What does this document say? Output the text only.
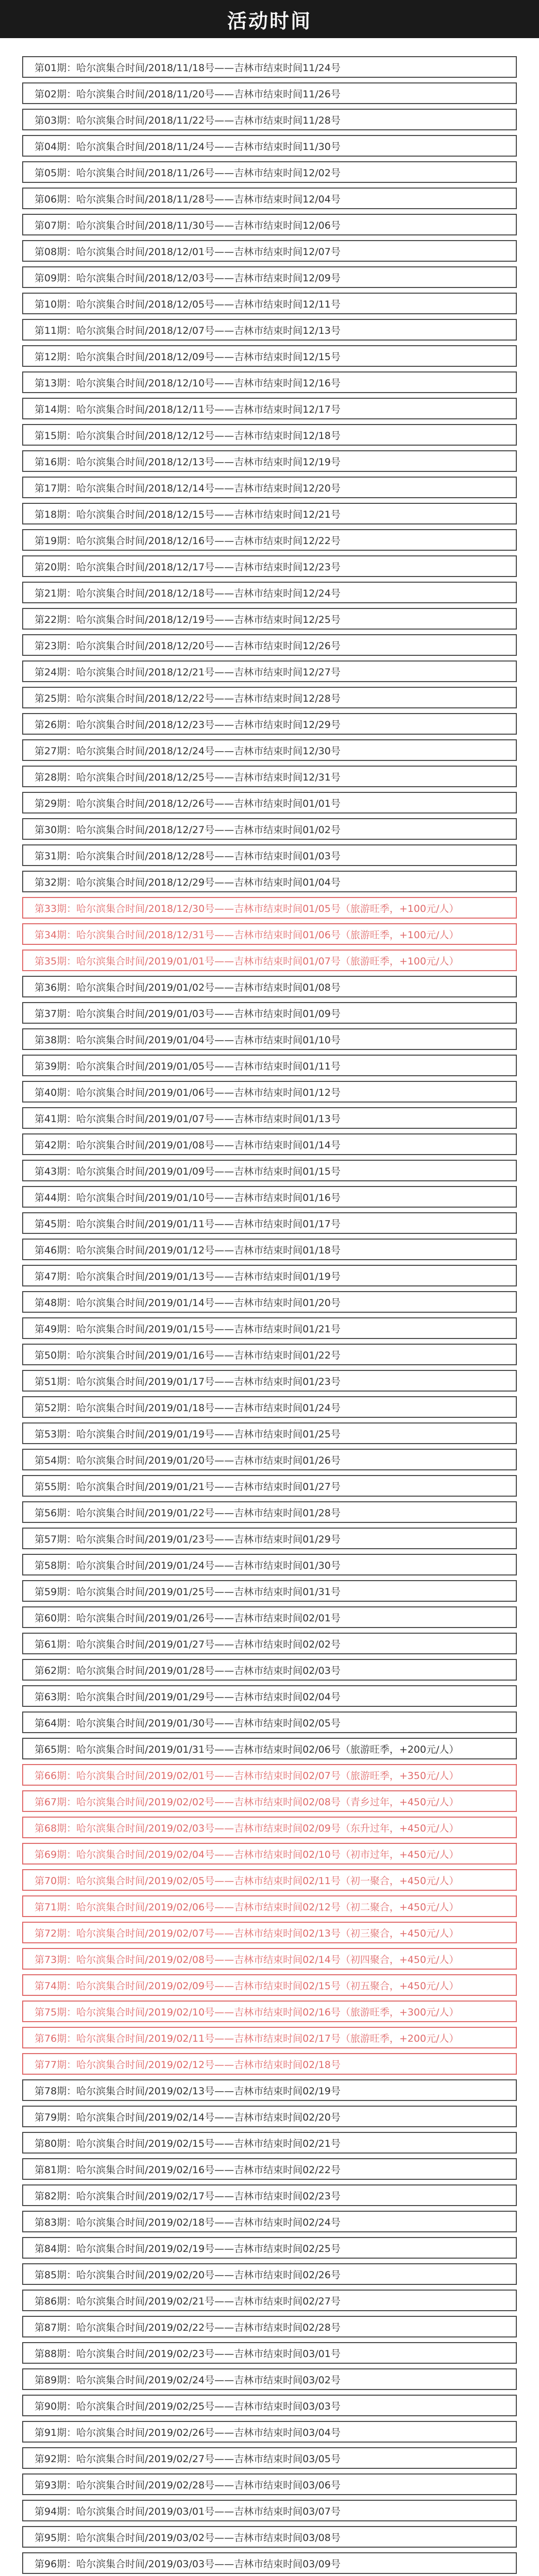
活动时间
第01期：哈尔滨集合时间/2018/11/18号——吉林市结束时间11/24号
第02期：哈尔滨集合时间/2018/11/20号——吉林市结束时间11/26号
第03期：哈尔滨集合时间/2018/11/22号——吉林市结束时间11/28号
第04期：哈尔滨集合时间/2018/11/24号——吉林市结束时间11/30号
第05期：哈尔滨集合时间/2018/11/26号——吉林市结束时间12/02号
第06期：哈尔滨集合时间/2018/11/28号——吉林市结束时间12/04号
第07期：哈尔滨集合时间/2018/11/30号——吉林市结束时间12/06号
第08期：哈尔滨集合时间/2018/12/01号——吉林市结束时间12/07号
第09期：哈尔滨集合时间/2018/12/03号——吉林市结束时间12/09号
第10期：哈尔滨集合时间/2018/12/05号——吉林市结束时间12/11号
第11期：哈尔滨集合时间/2018/12/07号——吉林市结束时间12/13号
第12期：哈尔滨集合时间/2018/12/09号——吉林市结束时间12/15号
第13期：哈尔滨集合时间/2018/12/10号——吉林市结束时间12/16号
第14期：哈尔滨集合时间/2018/12/11号——吉林市结束时间12/17号
第15期：哈尔滨集合时间/2018/12/12号——吉林市结束时间12/18号
第16期：哈尔滨集合时间/2018/12/13号——吉林市结束时间12/19号
第17期：哈尔滨集合时间/2018/12/14号——吉林市结束时间12/20号
第18期：哈尔滨集合时间/2018/12/15号——吉林市结束时间12/21号
第19期：哈尔滨集合时间/2018/12/16号——吉林市结束时间12/22号
第20期：哈尔滨集合时间/2018/12/17号——吉林市结束时间12/23号
第21期：哈尔滨集合时间/2018/12/18号——吉林市结束时间12/24号
第22期：哈尔滨集合时间/2018/12/19号——吉林市结束时间12/25号
第23期：哈尔滨集合时间/2018/12/20号——吉林市结束时间12/26号
第24期：哈尔滨集合时间/2018/12/21号——吉林市结束时间12/27号
第25期：哈尔滨集合时间/2018/12/22号——吉林市结束时间12/28号
第26期：哈尔滨集合时间/2018/12/23号——吉林市结束时间12/29号
第27期：哈尔滨集合时间/2018/12/24号——吉林市结束时间12/30号
第28期：哈尔滨集合时间/2018/12/25号——吉林市结束时间12/31号
第29期：哈尔滨集合时间/2018/12/26号——吉林市结束时间01/01号
第30期：哈尔滨集合时间/2018/12/27号——吉林市结束时间01/02号
第31期：哈尔滨集合时间/2018/12/28号——吉林市结束时间01/03号
第32期：哈尔滨集合时间/2018/12/29号——吉林市结束时间01/04号
第33期：哈尔滨集合时间/2018/12/30号——吉林市结束时间01/05号（旅游旺季，+100元/人）
第34期：哈尔滨集合时间/2018/12/31号——吉林市结束时间01/06号（旅游旺季，+100元/人）
第35期：哈尔滨集合时间/2019/01/01号——吉林市结束时间01/07号（旅游旺季，+100元/人）
第36期：哈尔滨集合时间/2019/01/02号——吉林市结束时间01/08号
第37期：哈尔滨集合时间/2019/01/03号——吉林市结束时间01/09号
第38期：哈尔滨集合时间/2019/01/04号——吉林市结束时间01/10号
第39期：哈尔滨集合时间/2019/01/05号——吉林市结束时间01/11号
第40期：哈尔滨集合时间/2019/01/06号——吉林市结束时间01/12号
第41期：哈尔滨集合时间/2019/01/07号——吉林市结束时间01/13号
第42期：哈尔滨集合时间/2019/01/08号——吉林市结束时间01/14号
第43期：哈尔滨集合时间/2019/01/09号——吉林市结束时间01/15号
第44期：哈尔滨集合时间/2019/01/10号——吉林市结束时间01/16号
第45期：哈尔滨集合时间/2019/01/11号——吉林市结束时间01/17号
第46期：哈尔滨集合时间/2019/01/12号——吉林市结束时间01/18号
第47期：哈尔滨集合时间/2019/01/13号——吉林市结束时间01/19号
第48期：哈尔滨集合时间/2019/01/14号——吉林市结束时间01/20号
第49期：哈尔滨集合时间/2019/01/15号——吉林市结束时间01/21号
第50期：哈尔滨集合时间/2019/01/16号——吉林市结束时间01/22号
第51期：哈尔滨集合时间/2019/01/17号——吉林市结束时间01/23号
第52期：哈尔滨集合时间/2019/01/18号——吉林市结束时间01/24号
第53期：哈尔滨集合时间/2019/01/19号——吉林市结束时间01/25号
第54期：哈尔滨集合时间/2019/01/20号——吉林市结束时间01/26号
第55期：哈尔滨集合时间/2019/01/21号——吉林市结束时间01/27号
第56期：哈尔滨集合时间/2019/01/22号——吉林市结束时间01/28号
第57期：哈尔滨集合时间/2019/01/23号——吉林市结束时间01/29号
第58期：哈尔滨集合时间/2019/01/24号——吉林市结束时间01/30号
第59期：哈尔滨集合时间/2019/01/25号——吉林市结束时间01/31号
第60期：哈尔滨集合时间/2019/01/26号——吉林市结束时间02/01号
第61期：哈尔滨集合时间/2019/01/27号——吉林市结束时间02/02号
第62期：哈尔滨集合时间/2019/01/28号——吉林市结束时间02/03号
第63期：哈尔滨集合时间/2019/01/29号——吉林市结束时间02/04号
第64期：哈尔滨集合时间/2019/01/30号——吉林市结束时间02/05号
第65期：哈尔滨集合时间/2019/01/31号——吉林市结束时间02/06号（旅游旺季，+200元/人）
第66期：哈尔滨集合时间/2019/02/01号——吉林市结束时间02/07号（旅游旺季，+350元/人）
第67期：哈尔滨集合时间/2019/02/02号——吉林市结束时间02/08号（青乡过年，+450元/人）
第68期：哈尔滨集合时间/2019/02/03号——吉林市结束时间02/09号（东升过年，+450元/人）
第69期：哈尔滨集合时间/2019/02/04号——吉林市结束时间02/10号（初市过年，+450元/人）
第70期：哈尔滨集合时间/2019/02/05号——吉林市结束时间02/11号（初一聚合，+450元/人）
第71期：哈尔滨集合时间/2019/02/06号——吉林市结束时间02/12号（初二聚合，+450元/人）
第72期：哈尔滨集合时间/2019/02/07号——吉林市结束时间02/13号（初三聚合，+450元/人）
第73期：哈尔滨集合时间/2019/02/08号——吉林市结束时间02/14号（初四聚合，+450元/人）
第74期：哈尔滨集合时间/2019/02/09号——吉林市结束时间02/15号（初五聚合，+450元/人）
第75期：哈尔滨集合时间/2019/02/10号——吉林市结束时间02/16号（旅游旺季，+300元/人）
第76期：哈尔滨集合时间/2019/02/11号——吉林市结束时间02/17号（旅游旺季，+200元/人）
第77期：哈尔滨集合时间/2019/02/12号——吉林市结束时间02/18号
第78期：哈尔滨集合时间/2019/02/13号——吉林市结束时间02/19号
第79期：哈尔滨集合时间/2019/02/14号——吉林市结束时间02/20号
第80期：哈尔滨集合时间/2019/02/15号——吉林市结束时间02/21号
第81期：哈尔滨集合时间/2019/02/16号——吉林市结束时间02/22号
第82期：哈尔滨集合时间/2019/02/17号——吉林市结束时间02/23号
第83期：哈尔滨集合时间/2019/02/18号——吉林市结束时间02/24号
第84期：哈尔滨集合时间/2019/02/19号——吉林市结束时间02/25号
第85期：哈尔滨集合时间/2019/02/20号——吉林市结束时间02/26号
第86期：哈尔滨集合时间/2019/02/21号——吉林市结束时间02/27号
第87期：哈尔滨集合时间/2019/02/22号——吉林市结束时间02/28号
第88期：哈尔滨集合时间/2019/02/23号——吉林市结束时间03/01号
第89期：哈尔滨集合时间/2019/02/24号——吉林市结束时间03/02号
第90期：哈尔滨集合时间/2019/02/25号——吉林市结束时间03/03号
第91期：哈尔滨集合时间/2019/02/26号——吉林市结束时间03/04号
第92期：哈尔滨集合时间/2019/02/27号——吉林市结束时间03/05号
第93期：哈尔滨集合时间/2019/02/28号——吉林市结束时间03/06号
第94期：哈尔滨集合时间/2019/03/01号——吉林市结束时间03/07号
第95期：哈尔滨集合时间/2019/03/02号——吉林市结束时间03/08号
第96期：哈尔滨集合时间/2019/03/03号——吉林市结束时间03/09号
